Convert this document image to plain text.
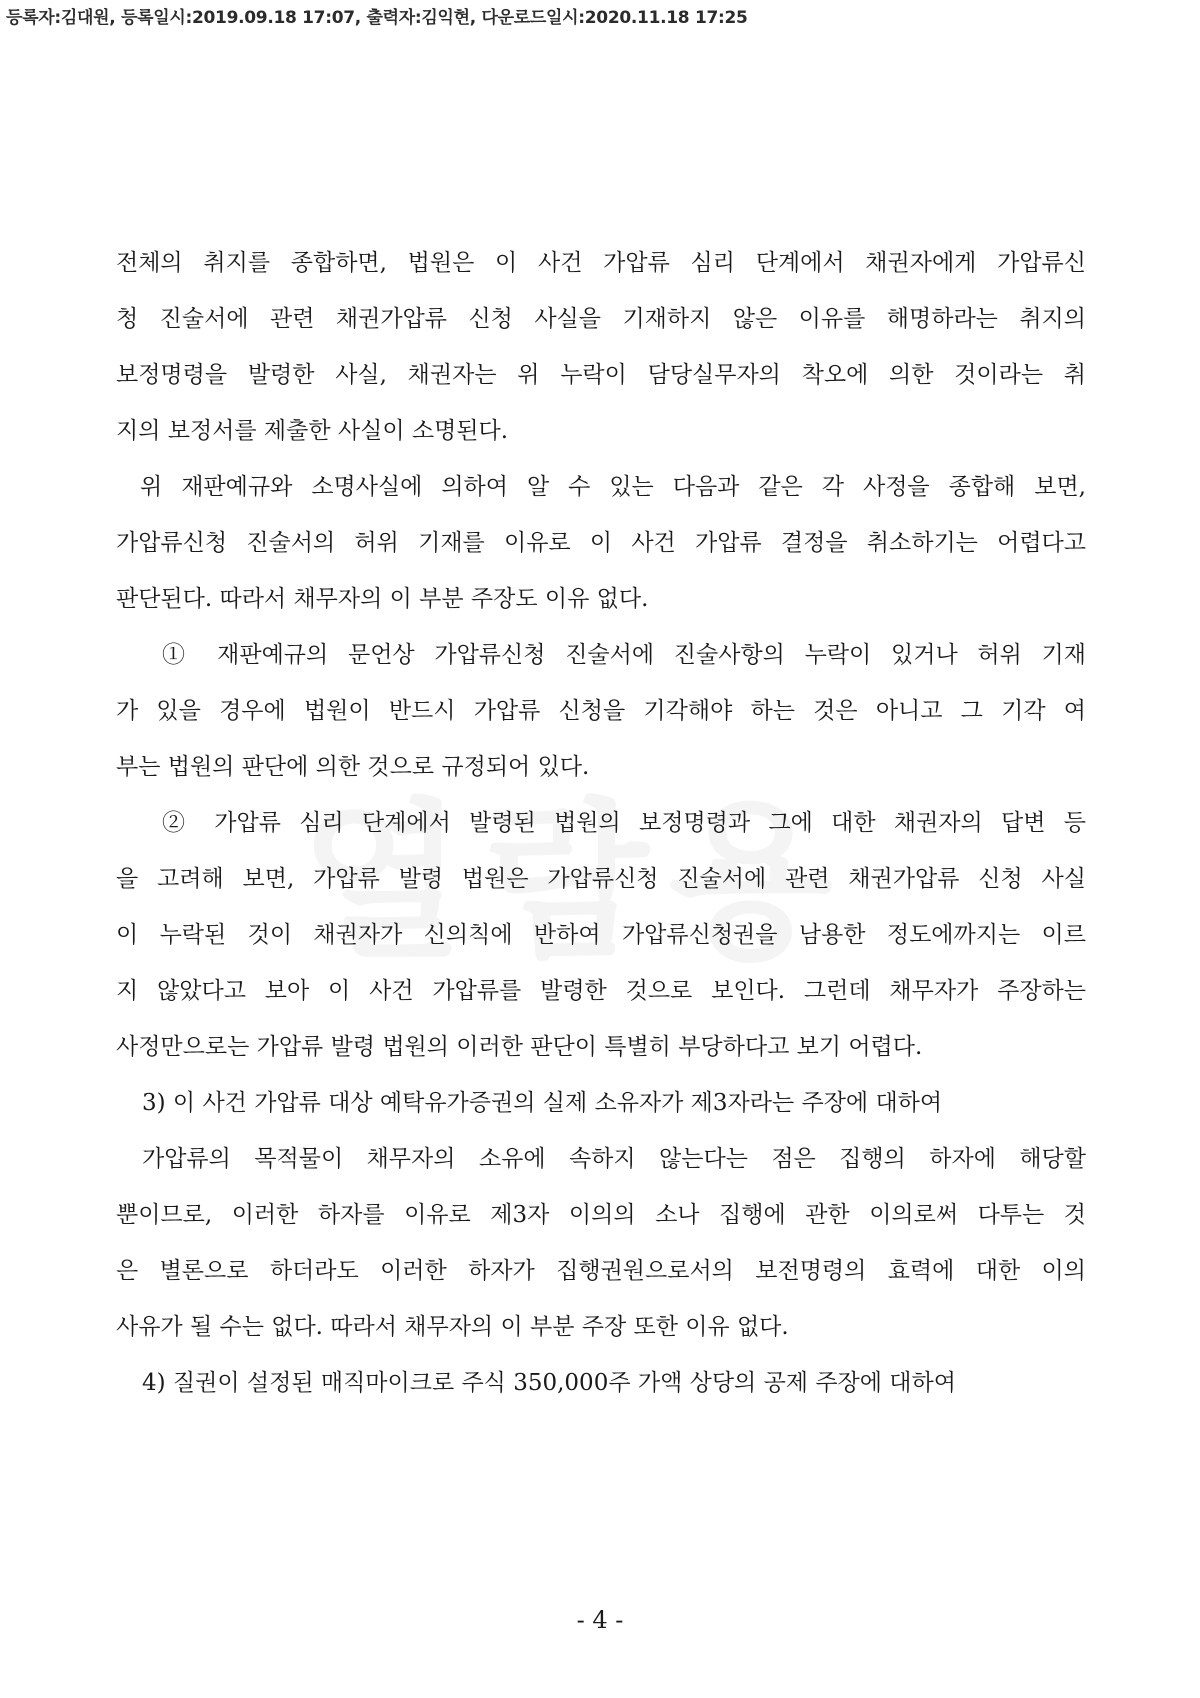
등록자:김대원, 등록일시:2019.09.18 17:07, 출력자:김익현, 다운로드일시:2020.11.18 17:25
전체의 취지를 종합하면, 법원은 이 사건 가압류 심리 단계에서 채권자에게 가압류신
청 진술서에 관련 채권가압류 신청 사실을 기재하지 않은 이유를 해명하라는 취지의
보정명령을 발령한 사실, 채권자는 위 누락이 담당실무자의 착오에 의한 것이라는 취
지의 보정서를 제출한 사실이 소명된다.
위 재판예규와 소명사실에 의하여 알 수 있는 다음과 같은 각 사정을 종합해 보면,
가압류신청 진술서의 허위 기재를 이유로 이 사건 가압류 결정을 취소하기는 어렵다고
판단된다. 따라서 채무자의 이 부분 주장도 이유 없다.
① 재판예규의 문언상 가압류신청 진술서에 진술사항의 누락이 있거나 허위 기재
가 있을 경우에 법원이 반드시 가압류 신청을 기각해야 하는 것은 아니고 그 기각 여
부는 법원의 판단에 의한 것으로 규정되어 있다.
② 가압류 심리 단계에서 발령된 법원의 보정명령과 그에 대한 채권자의 답변 등
을 고려해 보면, 가압류 발령 법원은 가압류신청 진술서에 관련 채권가압류 신청 사실
이 누락된 것이 채권자가 신의칙에 반하여 가압류신청권을 남용한 정도에까지는 이르
지 않았다고 보아 이 사건 가압류를 발령한 것으로 보인다. 그런데 채무자가 주장하는
사정만으로는 가압류 발령 법원의 이러한 판단이 특별히 부당하다고 보기 어렵다.
3) 이 사건 가압류 대상 예탁유가증권의 실제 소유자가 제3자라는 주장에 대하여
가압류의 목적물이 채무자의 소유에 속하지 않는다는 점은 집행의 하자에 해당할
뿐이므로, 이러한 하자를 이유로 제3자 이의의 소나 집행에 관한 이의로써 다투는 것
은 별론으로 하더라도 이러한 하자가 집행권원으로서의 보전명령의 효력에 대한 이의
사유가 될 수는 없다. 따라서 채무자의 이 부분 주장 또한 이유 없다.
4) 질권이 설정된 매직마이크로 주식 350,000주 가액 상당의 공제 주장에 대하여
- 4 -
